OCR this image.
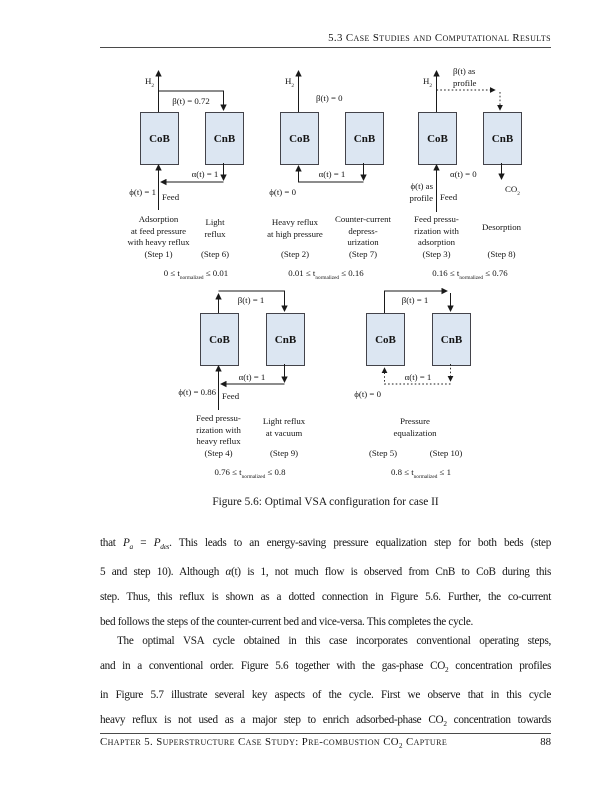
5.3 Case Studies and Computational Results
CoB	CnB	CoB	CnB	CoB	CnB
CoB	CnB	CoB	CnB
$H_2$
β(t) = 0.72
α(t) = 1
ϕ(t) = 1 Feed
$H_2$
β(t) = 0
α(t) = 1
ϕ(t) = 0
$H_2$
β(t) as
profile
α(t) = 0
$CO_2$
Feed
ϕ(t) as
profile
β(t) = 1
α(t) = 1
ϕ(t) = 0.86 Feed
β(t) = 1
α(t) = 1
ϕ(t) = 0
Adsorption
at feed pressure
with heavy reflux
(Step 1)
Light
reflux
(Step 6)
Heavy reflux
at high pressure
(Step 2)
Counter-current
depress-
urization
(Step 7)
Feed pressu-
rization with
adsorption
(Step 3)
Desorption
(Step 8)
$0 \le t_{normalized} \le 0.01$	$0.01 \le t_{normalized} \le 0.16$	$0.16 \le t_{normalized} \le 0.76$
Feed pressu-
rization with
heavy reflux
(Step 4)
Light reflux
at vacuum
(Step 9)
Pressure
equalization
(Step 5)	(Step 10)
$0.76 \le t_{normalized} \le 0.8$	$0.8 \le t_{normalized} \le 1$
Figure 5.6: Optimal VSA configuration for case II
that $P_a = P_{des}$. This leads to an energy-saving pressure equalization step for both beds (step
5 and step 10). Although α(t) is 1, not much flow is observed from CnB to CoB during this
step. Thus, this reflux is shown as a dotted connection in Figure 5.6. Further, the co-current
bed follows the steps of the counter-current bed and vice-versa. This completes the cycle.
The optimal VSA cycle obtained in this case incorporates conventional operating steps,
and in a conventional order. Figure 5.6 together with the gas-phase $CO_2$ concentration profiles
in Figure 5.7 illustrate several key aspects of the cycle. First we observe that in this cycle
heavy reflux is not used as a major step to enrich adsorbed-phase $CO_2$ concentration towards
Chapter 5. Superstructure Case Study: Pre-combustion $CO_2$ Capture	88
